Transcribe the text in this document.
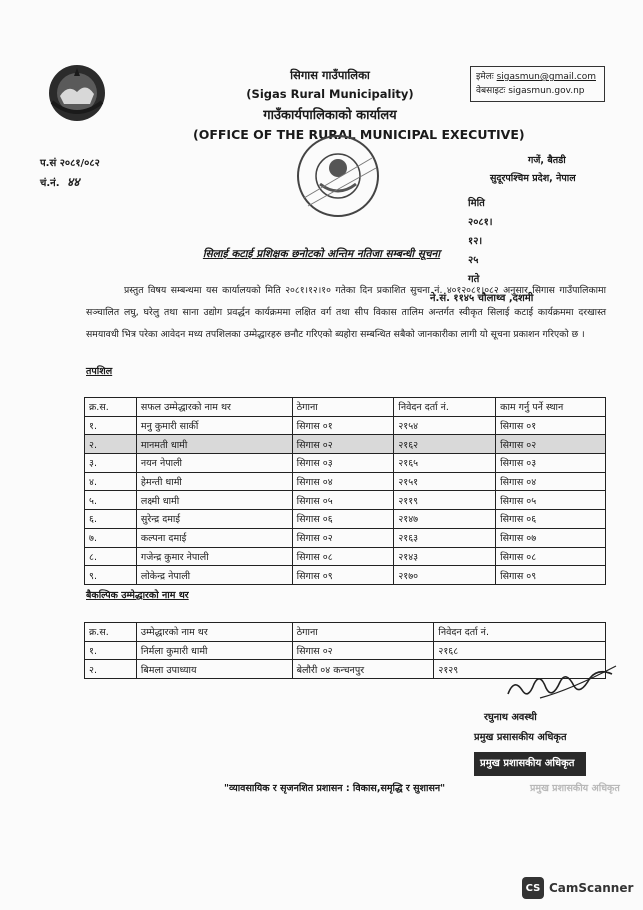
सिगास गाउँपालिका
(Sigas Rural Municipality)
गाउँकार्यपालिकाको कार्यालय
(OFFICE OF THE RURAL MUNICIPAL EXECUTIVE)
इमेलः sigasmun@gmail.com
वेबसाइटः sigasmun.gov.np
प.सं २०८१/०८२
चं.नं. ४४
गजें, बैतडी
सुदूरपश्चिम प्रदेश, नेपाल
मिति २०८१।१२।२५ गते
ने.सं. ११४५ चौलाथ्व ,दशमी
सिलाई कटाई प्रशिक्षक छनोटको अन्तिम नतिजा सम्बन्धी सूचना
प्रस्तुत विषय सम्बन्धमा यस कार्यालयको मिति २०८१।१२।१० गतेका दिन प्रकाशित सुचना नं. ४०१२०८१।०८२ अनुसार सिगास गाउँपालिकामा सञ्चालित लघु, घरेलु तथा साना उद्योग प्रवर्द्धन कार्यक्रममा लक्षित वर्ग तथा सीप विकास तालिम अन्तर्गत स्वीकृत सिलाई कटाई कार्यक्रममा दरखास्त समयावधी भित्र परेका आवेदन मध्य तपशिलका उम्मेद्धारहरु छनौट गरिएको ब्यहोरा सम्बन्धित सबैको जानकारीका लागी यो सूचना प्रकाशन गरिएको छ ।
तपशिल
क्र.स.	सफल उम्मेद्धारको नाम थर	ठेगाना	निवेदन दर्ता नं.	काम गर्नु पर्ने स्थान
१.	मनु कुमारी सार्की	सिगास ०१	२१५४	सिगास ०१
२.	मानमती धामी	सिगास ०२	२१६२	सिगास ०२
३.	नयन नेपाली	सिगास ०३	२१६५	सिगास ०३
४.	हेमन्ती धामी	सिगास ०४	२१५१	सिगास ०४
५.	लक्ष्मी धामी	सिगास ०५	२११९	सिगास ०५
६.	सुरेन्द्र दमाई	सिगास ०६	२१४७	सिगास ०६
७.	कल्पना दमाई	सिगास ०२	२१६३	सिगास ०७
८.	गजेन्द्र कुमार नेपाली	सिगास ०८	२१४३	सिगास ०८
९.	लोकेन्द्र नेपाली	सिगास ०९	२१७०	सिगास ०९
बैकल्पिक उम्मेद्धारको नाम थर
क्र.स.	उम्मेद्धारको नाम थर	ठेगाना	निवेदन दर्ता नं.
१.	निर्मला कुमारी धामी	सिगास ०२	२१६८
२.	बिमला उपाध्याय	बेलौरी ०४ कन्चनपुर	२१२९
रघुनाथ अवस्थी
प्रमुख प्रसासकीय अधिकृत
प्रमुख प्रशासकीय अधिकृत
"व्यावसायिक र सृजनशित प्रशासन : विकास,समृद्धि र सुशासन"	प्रमुख प्रशासकीय अधिकृत
CS CamScanner
